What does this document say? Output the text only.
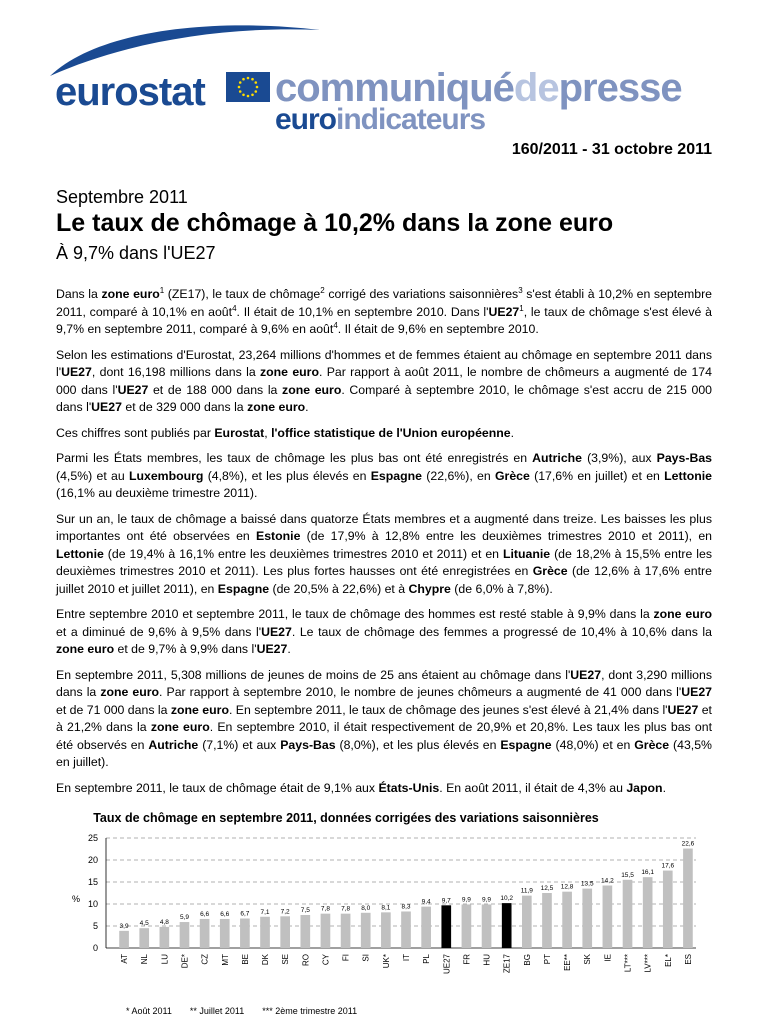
eurostat communiquédepresse
euroindicateurs
160/2011 - 31 octobre 2011
Septembre 2011
Le taux de chômage à 10,2% dans la zone euro
À 9,7% dans l'UE27

Dans la zone euro$^1$ (ZE17), le taux de chômage$^2$ corrigé des variations saisonnières$^3$ s'est établi à 10,2% en septembre 2011, comparé à 10,1% en août$^4$. Il était de 10,1% en septembre 2010. Dans $l'UE27^1$, le taux de chômage s'est élevé à 9,7% en septembre 2011, comparé à 9,6% en août$^4$. Il était de 9,6% en septembre 2010.

Selon les estimations d'Eurostat, 23,264 millions d'hommes et de femmes étaient au chômage en septembre 2011 dans l'UE27, dont 16,198 millions dans la zone euro. Par rapport à août 2011, le nombre de chômeurs a augmenté de 174 000 dans l'UE27 et de 188 000 dans la zone euro. Comparé à septembre 2010, le chômage s'est accru de 215 000 dans l'UE27 et de 329 000 dans la zone euro.

Ces chiffres sont publiés par Eurostat, l'office statistique de l'Union européenne.

Parmi les États membres, les taux de chômage les plus bas ont été enregistrés en Autriche (3,9%), aux Pays-Bas (4,5%) et au Luxembourg (4,8%), et les plus élevés en Espagne (22,6%), en Grèce (17,6% en juillet) et en Lettonie (16,1% au deuxième trimestre 2011).

Sur un an, le taux de chômage a baissé dans quatorze États membres et a augmenté dans treize. Les baisses les plus importantes ont été observées en Estonie (de 17,9% à 12,8% entre les deuxièmes trimestres 2010 et 2011), en Lettonie (de 19,4% à 16,1% entre les deuxièmes trimestres 2010 et 2011) et en Lituanie (de 18,2% à 15,5% entre les deuxièmes trimestres 2010 et 2011). Les plus fortes hausses ont été enregistrées en Grèce (de 12,6% à 17,6% entre juillet 2010 et juillet 2011), en Espagne (de 20,5% à 22,6%) et à Chypre (de 6,0% à 7,8%).

Entre septembre 2010 et septembre 2011, le taux de chômage des hommes est resté stable à 9,9% dans la zone euro et a diminué de 9,6% à 9,5% dans l'UE27. Le taux de chômage des femmes a progressé de 10,4% à 10,6% dans la zone euro et de 9,7% à 9,9% dans l'UE27.

En septembre 2011, 5,308 millions de jeunes de moins de 25 ans étaient au chômage dans l'UE27, dont 3,290 millions dans la zone euro. Par rapport à septembre 2010, le nombre de jeunes chômeurs a augmenté de 41 000 dans l'UE27 et de 71 000 dans la zone euro. En septembre 2011, le taux de chômage des jeunes s'est élevé à 21,4% dans l'UE27 et à 21,2% dans la zone euro. En septembre 2010, il était respectivement de 20,9% et 20,8%. Les taux les plus bas ont été observés en Autriche (7,1%) et aux Pays-Bas (8,0%), et les plus élevés en Espagne (48,0%) et en Grèce (43,5% en juillet).

En septembre 2011, le taux de chômage était de 9,1% aux États-Unis. En août 2011, il était de 4,3% au Japon.

0
5
10
15
20
25
%
3,9
AT
4,5
NL
4,8
LU
5,9
DE*
6,6
CZ
6,6
MT
6,7
BE
7,1
DK
7,2
SE
7,5
RO
7,8
CY
7,8
FI
8,0
SI
8,1
UK*
8,3
IT
9,4
PL
9,7
UE27
9,9
FR
9,9
HU
10,2
ZE17
11,9
BG
12,5
PT
12,8
EE**
13,5
SK
14,2
IE
15,5
LT***
16,1
LV***
17,6
EL*
22,6
ES
Taux de chômage en septembre 2011, données corrigées des variations saisonnières
* Août 2011 ** Juillet 2011 *** 2ème trimestre 2011
